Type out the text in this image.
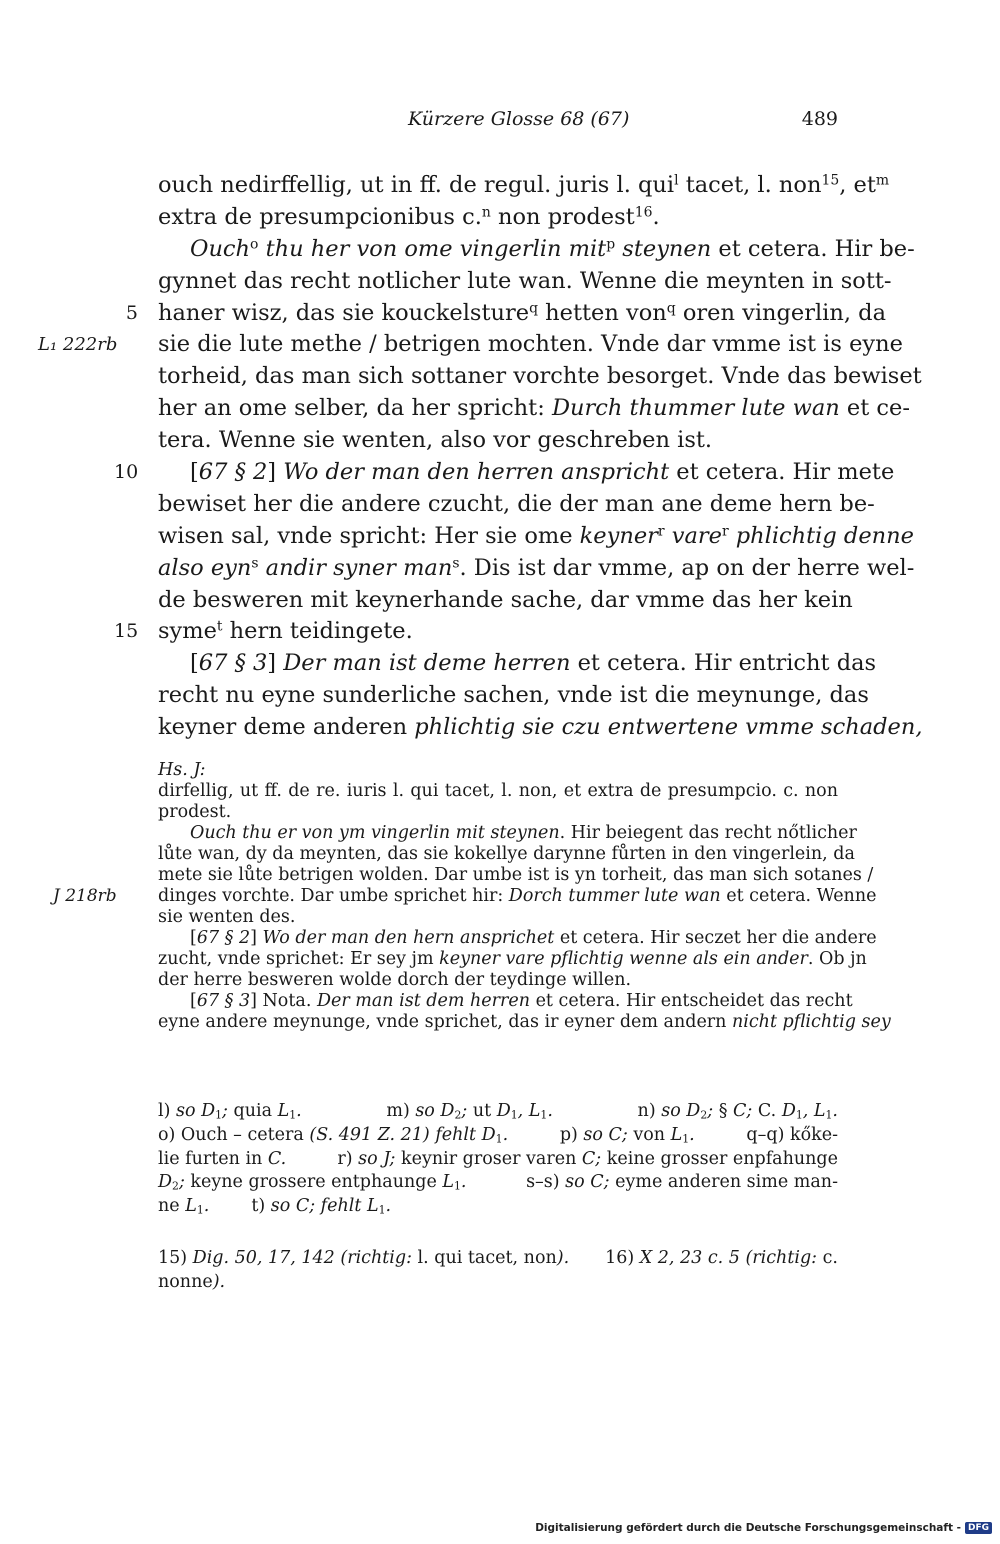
Kürzere Glosse 68 (67)	489
ouch nedirffellig, ut in ff. de regul. juris l. qui$^l$ tacet, l. non$^{15}$, $et^m$
extra de presumpcionibus c.$^n$ non prodest$^{16}$.
Ouch$^o$ thu her von ome vingerlin mit$^p$ steynen et cetera. Hir be-
gynnet das recht notlicher lute wan. Wenne die meynten in sott-
5 haner wisz, das sie kouckelsture$^q$ hetten von$^q$ oren vingerlin, da
L₁ 222rb sie die lute methe / betrigen mochten. Vnde dar vmme ist is eyne
torheid, das man sich sottaner vorchte besorget. Vnde das bewiset
her an ome selber, da her spricht: Durch thummer lute wan et ce-
tera. Wenne sie wenten, also vor geschreben ist.
10	[67 § 2] Wo der man den herren anspricht et cetera. Hir mete
bewiset her die andere czucht, die der man ane deme hern be-
wisen sal, vnde spricht: Her sie ome keyner$^r$ vare$^r$ phlichtig denne
also eyn$^s$ andir syner man$^s$. Dis ist dar vmme, ap on der herre wel-
de besweren mit keynerhande sache, dar vmme das her kein
15 syme$^t$ hern teidingete.
[67 § 3] Der man ist deme herren et cetera. Hir entricht das
recht nu eyne sunderliche sachen, vnde ist die meynunge, das
keyner deme anderen phlichtig sie czu entwertene vmme schaden,
Hs. J:
dirfellig, ut ff. de re. iuris l. qui tacet, l. non, et extra de presumpcio. c. non
prodest.
Ouch thu er von ym vingerlin mit steynen. Hir beiegent das recht nőtlicher
lůte wan, dy da meynten, das sie kokellye darynne fůrten in den vingerlein, da
mete sie lůte betrigen wolden. Dar umbe ist is yn torheit, das man sich sotanes /
J 218rb dinges vorchte. Dar umbe sprichet hir: Dorch tummer lute wan et cetera. Wenne
sie wenten des.
[67 § 2] Wo der man den hern ansprichet et cetera. Hir seczet her die andere
zucht, vnde sprichet: Er sey jm keyner vare pflichtig wenne als ein ander. Ob jn
der herre besweren wolde dorch der teydinge willen.
[67 § 3] Nota. Der man ist dem herren et cetera. Hir entscheidet das recht
eyne andere meynunge, vnde sprichet, das ir eyner dem andern nicht pflichtig sey
l) so $D_1$; quia $L_1$.	m) so $D_2$; ut $D_1$, $L_1$.	n) so $D_2$; § C; C. $D_1$, $L_1$.
o) Ouch – cetera (S. 491 Z. 21) fehlt $D_1$.	p) so C; von $L_1$.	q–q) kőke-
lie furten in C.	r) so J; keynir groser varen C; keine grosser enpfahunge
$D_2$; keyne grossere entphaunge $L_1$.	s–s) so C; eyme anderen sime man-
ne $L_1$. t) so C; fehlt $L_1$.
15) Dig. 50, 17, 142 (richtig: l. qui tacet, non). 16) X 2, 23 c. 5 (richtig: c.
nonne).
Digitalisierung gefördert durch die Deutsche Forschungsgemeinschaft - DFG
